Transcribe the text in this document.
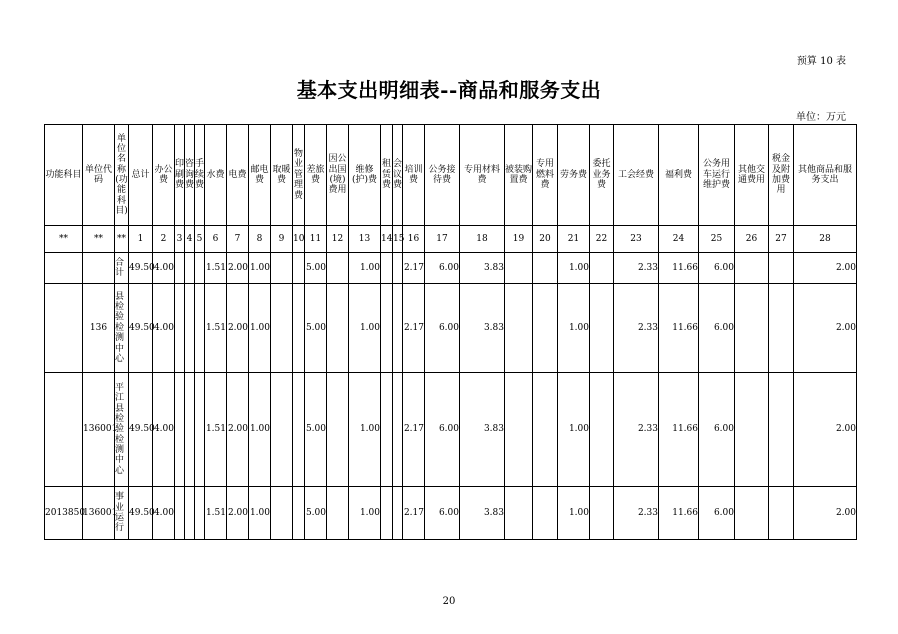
预算 10 表
基本支出明细表--商品和服务支出
单位：万元
功能科目	单位代码	单位名称(功能科目)	总计	办公费	印刷费	咨询费	手续费	水费	电费	邮电费	取暖费	物业管理费	差旅费	因公出国(境)费用	维修(护)费	租赁费	会议费	培训费	公务接待费	专用材料费	被装购置费	专用燃料费	劳务费	委托业务费	工会经费	福利费	公务用车运行维护费	其他交通费用	税金及附加费用	其他商品和服务支出
**	**	**	1	2	3	4	5	6	7	8	9	10	11	12	13	14	15	16	17	18	19	20	21	22	23	24	25	26	27	28
		合计	49.50	4.00				1.51	2.00	1.00			5.00		1.00			2.17	6.00	3.83			1.00		2.33	11.66	6.00			2.00
	136	县检验检测中心	49.50	4.00				1.51	2.00	1.00			5.00		1.00			2.17	6.00	3.83			1.00		2.33	11.66	6.00			2.00
	136001	平江县检验检测中心	49.50	4.00				1.51	2.00	1.00			5.00		1.00			2.17	6.00	3.83			1.00		2.33	11.66	6.00			2.00
2013850	136001	事业运行	49.50	4.00				1.51	2.00	1.00			5.00		1.00			2.17	6.00	3.83			1.00		2.33	11.66	6.00			2.00
20
